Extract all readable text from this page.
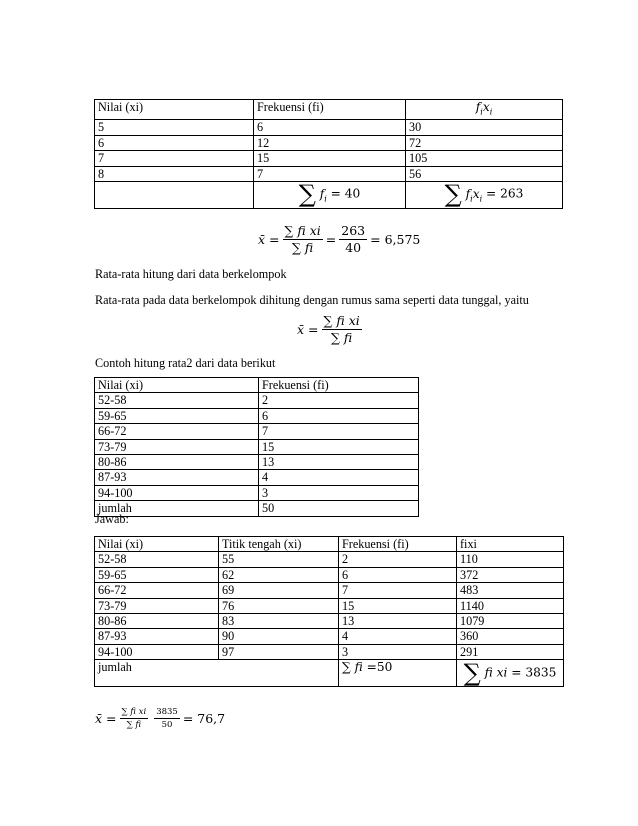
Nilai (xi)	Frekuensi (fi)	$f_ix_i$
5	6	30
6	12	72
7	15	105
8	7	56
	∑ $f_i = 40$	∑ $f_ix_i = 263$
x̄ = $\frac{\text{∑ fi xi}}{\sum fi} = \frac{263}{40} = 6,575$
Rata-rata hitung dari data berkelompok
Rata-rata pada data berkelompok dihitung dengan rumus sama seperti data tunggal, yaitu
x̄ = $\frac{\text{∑ fi xi}}{\sum fi}$
Contoh hitung rata2 dari data berikut
Nilai (xi)	Frekuensi (fi)
52-58	2
59-65	6
66-72	7
73-79	15
80-86	13
87-93	4
94-100	3
jumlah	50
Jawab:
Nilai (xi)	Titik tengah (xi)	Frekuensi (fi)	fixi
52-58	55	2	110
59-65	62	6	372
66-72	69	7	483
73-79	76	15	1140
80-86	83	13	1079
87-93	90	4	360
94-100	97	3	291
jumlah		∑ fi =50	∑ fi xi = 3835
x̄ = $\frac{\text{∑ fi xi}}{\sum fi} \frac{3835}{50} = 76,7$
